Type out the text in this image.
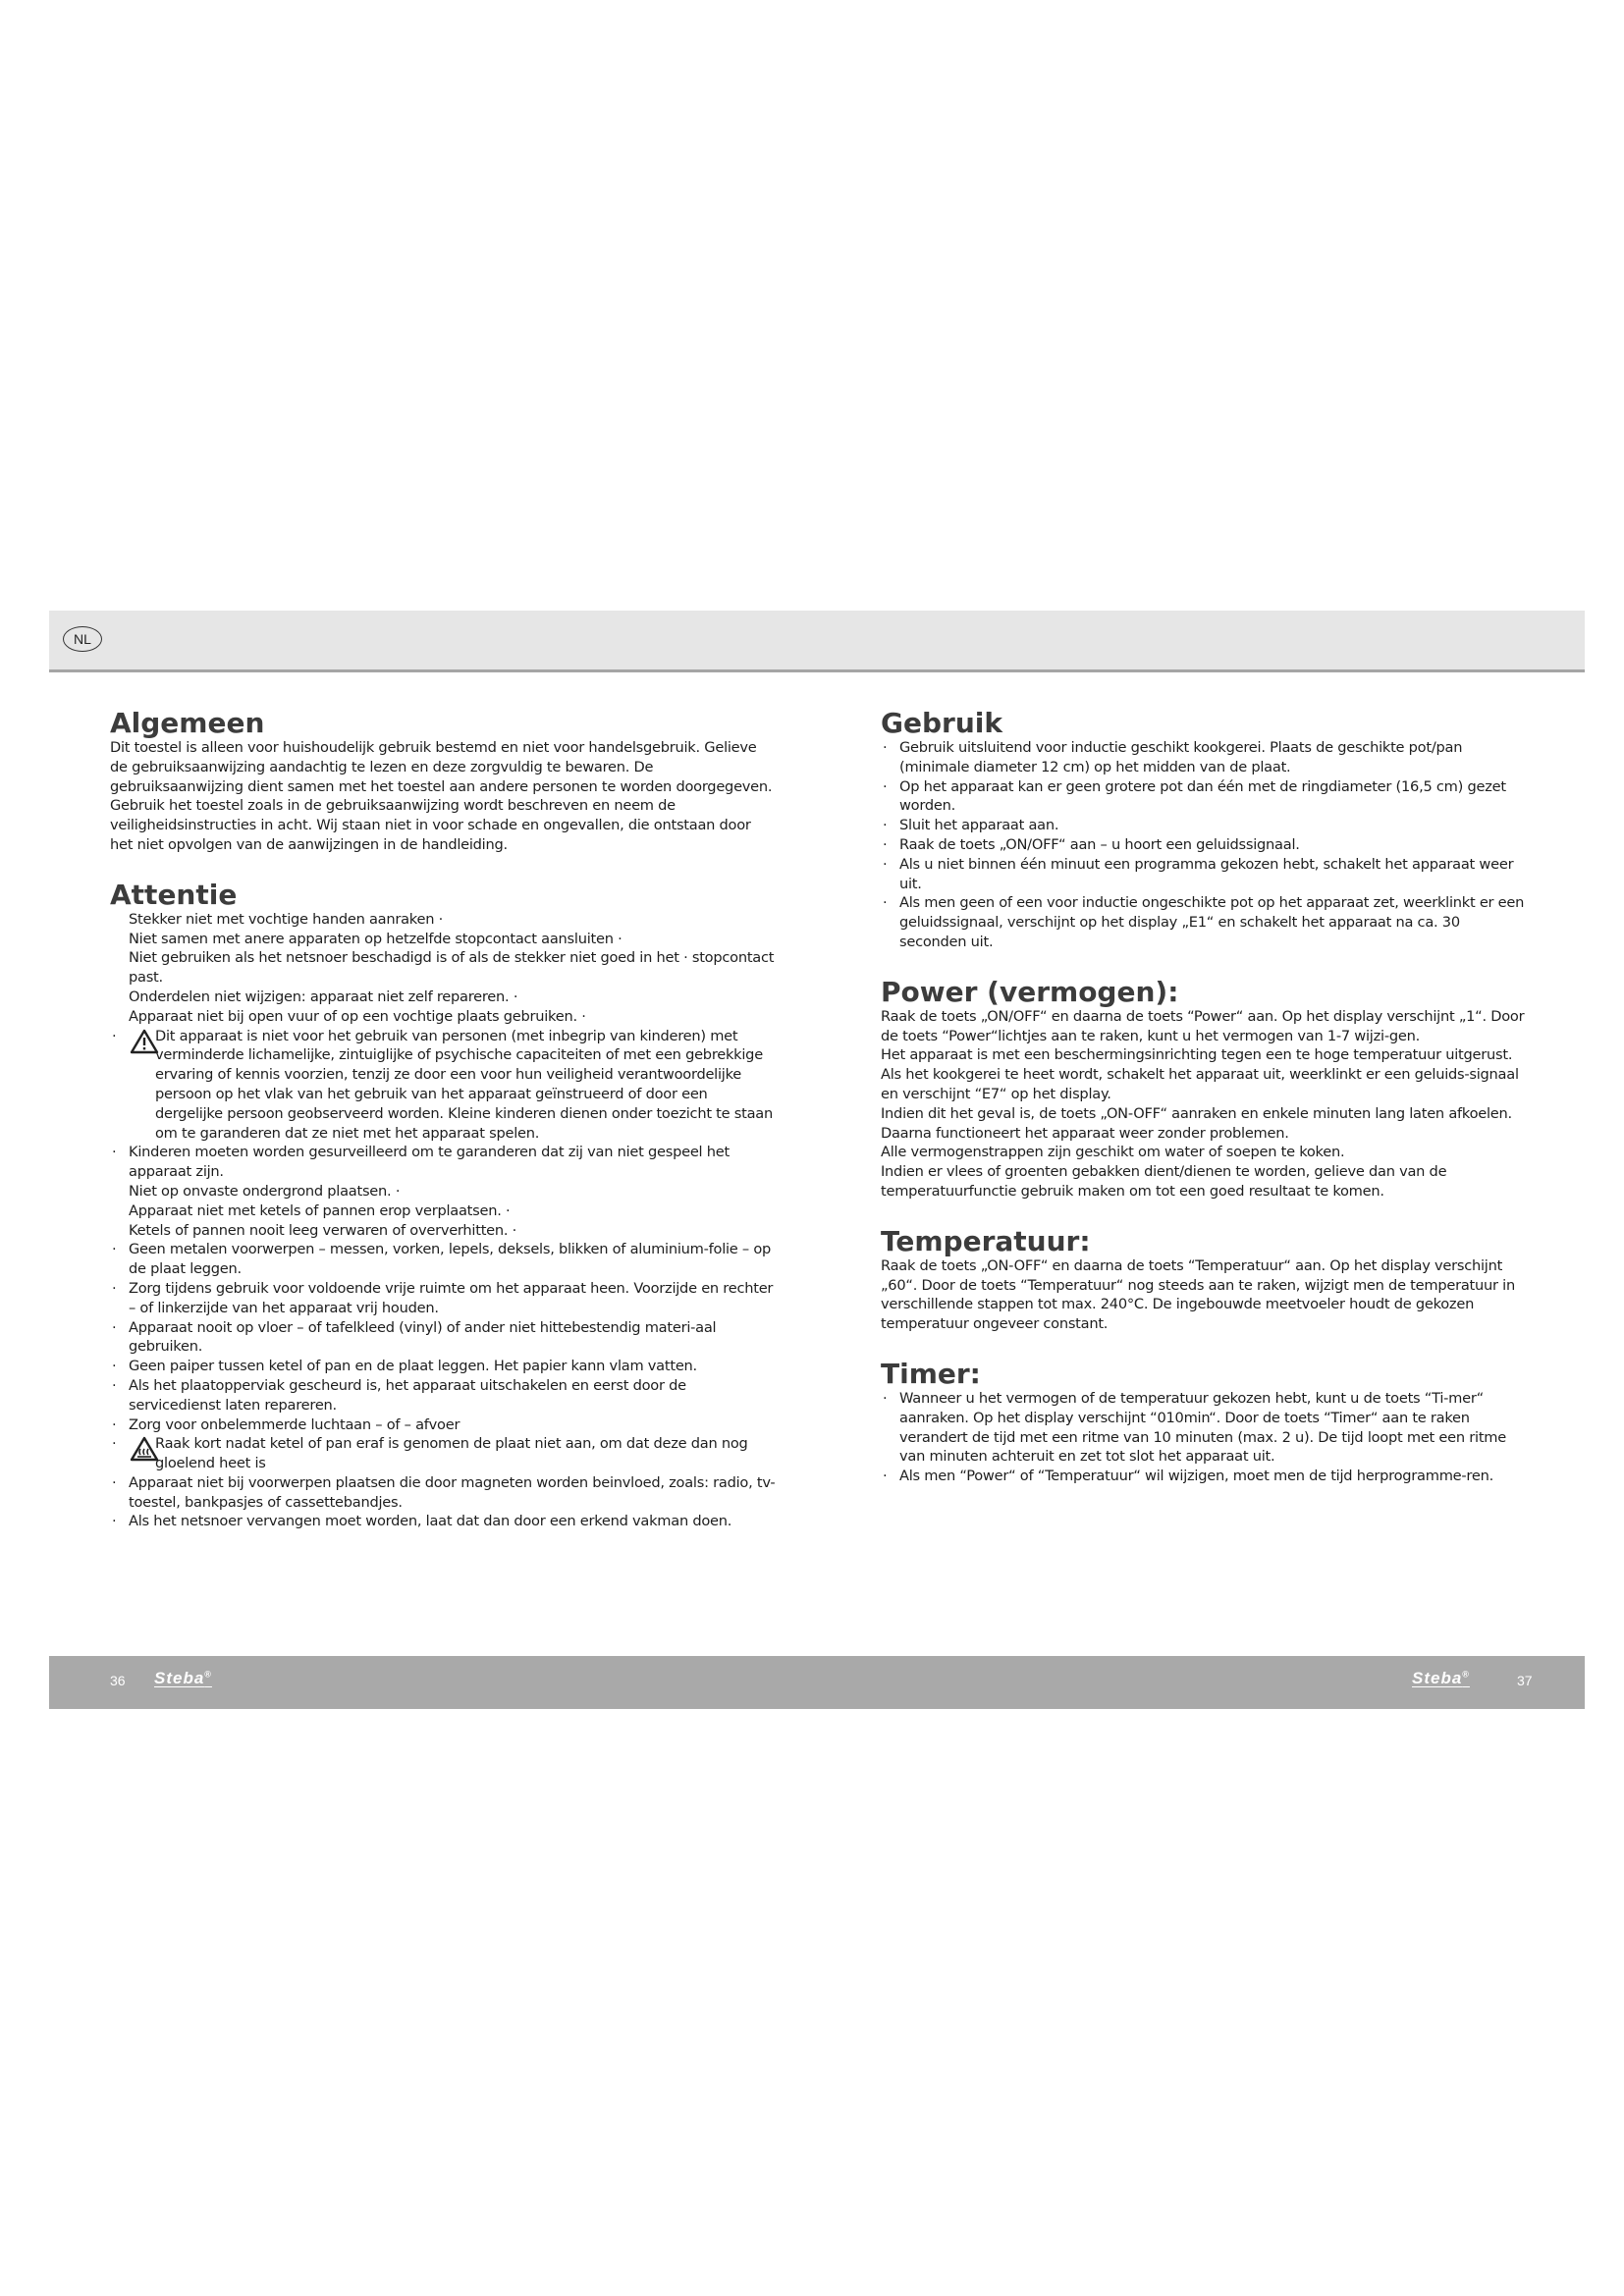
NL
Algemeen

Dit toestel is alleen voor huishoudelijk gebruik bestemd en niet voor handelsgebruik. Gelieve de gebruiksaanwijzing aandachtig te lezen en deze zorgvuldig te bewaren. De gebruiksaanwijzing dient samen met het toestel aan andere personen te worden doorgegeven. Gebruik het toestel zoals in de gebruiksaanwijzing wordt beschreven en neem de veiligheidsinstructies in acht. Wij staan niet in voor schade en ongevallen, die ontstaan door het niet opvolgen van de aanwijzingen in de handleiding.

Attentie
Stekker niet met vochtige handen aanraken ·
Niet samen met anere apparaten op hetzelfde stopcontact aansluiten ·
Niet gebruiken als het netsnoer beschadigd is of als de stekker niet goed in het · stopcontact past.
Onderdelen niet wijzigen: apparaat niet zelf repareren. ·
Apparaat niet bij open vuur of op een vochtige plaats gebruiken. ·
·	Dit apparaat is niet voor het gebruik van personen (met inbegrip van kinderen) met verminderde lichamelijke, zintuiglijke of psychische capaciteiten of met een gebrekkige ervaring of kennis voorzien, tenzij ze door een voor hun veiligheid verantwoordelijke persoon op het vlak van het gebruik van het apparaat geïnstrueerd of door een dergelijke persoon geobserveerd worden. Kleine kinderen dienen onder toezicht te staan om te garanderen dat ze niet met het apparaat spelen.

· Kinderen moeten worden gesurveilleerd om te garanderen dat zij van niet gespeel het apparaat zijn.
Niet op onvaste ondergrond plaatsen. ·
Apparaat niet met ketels of pannen erop verplaatsen. ·
Ketels of pannen nooit leeg verwaren of oververhitten. ·
· Geen metalen voorwerpen – messen, vorken, lepels, deksels, blikken of aluminium-folie – op de plaat leggen.
· Zorg tijdens gebruik voor voldoende vrije ruimte om het apparaat heen. Voorzijde en rechter – of linkerzijde van het apparaat vrij houden.
· Apparaat nooit op vloer – of tafelkleed (vinyl) of ander niet hittebestendig materi-aal gebruiken.
· Geen paiper tussen ketel of pan en de plaat leggen. Het papier kann vlam vatten.
· Als het plaatopperviak gescheurd is, het apparaat uitschakelen en eerst door de servicedienst laten repareren.
· Zorg voor onbelemmerde luchtaan – of – afvoer
·	Raak kort nadat ketel of pan eraf is genomen de plaat niet aan, om dat deze dan nog gloelend heet is

· Apparaat niet bij voorwerpen plaatsen die door magneten worden beinvloed, zoals: radio, tv-toestel, bankpasjes of cassettebandjes.
· Als het netsnoer vervangen moet worden, laat dat dan door een erkend vakman doen.
Gebruik
· Gebruik uitsluitend voor inductie geschikt kookgerei. Plaats de geschikte pot/pan (minimale diameter 12 cm) op het midden van de plaat.
· Op het apparaat kan er geen grotere pot dan één met de ringdiameter (16,5 cm) gezet worden.
· Sluit het apparaat aan.
· Raak de toets „ON/OFF“ aan – u hoort een geluidssignaal.
· Als u niet binnen één minuut een programma gekozen hebt, schakelt het apparaat weer uit.
· Als men geen of een voor inductie ongeschikte pot op het apparaat zet, weerklinkt er een geluidssignaal, verschijnt op het display „E1“ en schakelt het apparaat na ca. 30 seconden uit.
Power (vermogen):

Raak de toets „ON/OFF“ en daarna de toets “Power“ aan. Op het display verschijnt „1“. Door de toets “Power“lichtjes aan te raken, kunt u het vermogen van 1-7 wijzi-gen.

Het apparaat is met een beschermingsinrichting tegen een te hoge temperatuur uitgerust.

Als het kookgerei te heet wordt, schakelt het apparaat uit, weerklinkt er een geluids-signaal en verschijnt “E7“ op het display.

Indien dit het geval is, de toets „ON-OFF“ aanraken en enkele minuten lang laten afkoelen. Daarna functioneert het apparaat weer zonder problemen.

Alle vermogenstrappen zijn geschikt om water of soepen te koken.

Indien er vlees of groenten gebakken dient/dienen te worden, gelieve dan van de temperatuurfunctie gebruik maken om tot een goed resultaat te komen.

Temperatuur:

Raak de toets „ON-OFF“ en daarna de toets “Temperatuur“ aan. Op het display verschijnt „60“. Door de toets “Temperatuur“ nog steeds aan te raken, wijzigt men de temperatuur in verschillende stappen tot max. 240°C. De ingebouwde meetvoeler houdt de gekozen temperatuur ongeveer constant.

Timer:
· Wanneer u het vermogen of de temperatuur gekozen hebt, kunt u de toets “Ti-mer“ aanraken. Op het display verschijnt “010min“. Door de toets “Timer“ aan te raken verandert de tijd met een ritme van 10 minuten (max. 2 u). De tijd loopt met een ritme van minuten achteruit en zet tot slot het apparaat uit.
· Als men “Power“ of “Temperatuur“ wil wijzigen, moet men de tijd herprogramme-ren.
36 Steba®	Steba®	37
